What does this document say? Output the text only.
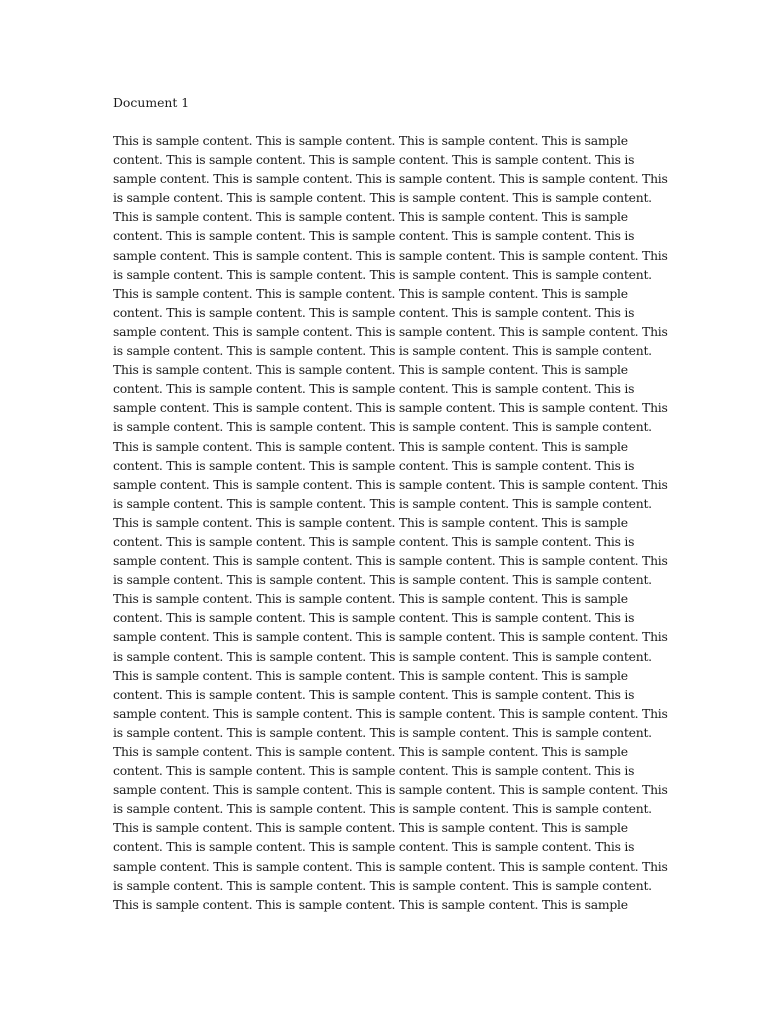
Document 1
This is sample content. This is sample content. This is sample content. This is sample
content. This is sample content. This is sample content. This is sample content. This is
sample content. This is sample content. This is sample content. This is sample content. This
is sample content. This is sample content. This is sample content. This is sample content.
This is sample content. This is sample content. This is sample content. This is sample
content. This is sample content. This is sample content. This is sample content. This is
sample content. This is sample content. This is sample content. This is sample content. This
is sample content. This is sample content. This is sample content. This is sample content.
This is sample content. This is sample content. This is sample content. This is sample
content. This is sample content. This is sample content. This is sample content. This is
sample content. This is sample content. This is sample content. This is sample content. This
is sample content. This is sample content. This is sample content. This is sample content.
This is sample content. This is sample content. This is sample content. This is sample
content. This is sample content. This is sample content. This is sample content. This is
sample content. This is sample content. This is sample content. This is sample content. This
is sample content. This is sample content. This is sample content. This is sample content.
This is sample content. This is sample content. This is sample content. This is sample
content. This is sample content. This is sample content. This is sample content. This is
sample content. This is sample content. This is sample content. This is sample content. This
is sample content. This is sample content. This is sample content. This is sample content.
This is sample content. This is sample content. This is sample content. This is sample
content. This is sample content. This is sample content. This is sample content. This is
sample content. This is sample content. This is sample content. This is sample content. This
is sample content. This is sample content. This is sample content. This is sample content.
This is sample content. This is sample content. This is sample content. This is sample
content. This is sample content. This is sample content. This is sample content. This is
sample content. This is sample content. This is sample content. This is sample content. This
is sample content. This is sample content. This is sample content. This is sample content.
This is sample content. This is sample content. This is sample content. This is sample
content. This is sample content. This is sample content. This is sample content. This is
sample content. This is sample content. This is sample content. This is sample content. This
is sample content. This is sample content. This is sample content. This is sample content.
This is sample content. This is sample content. This is sample content. This is sample
content. This is sample content. This is sample content. This is sample content. This is
sample content. This is sample content. This is sample content. This is sample content. This
is sample content. This is sample content. This is sample content. This is sample content.
This is sample content. This is sample content. This is sample content. This is sample
content. This is sample content. This is sample content. This is sample content. This is
sample content. This is sample content. This is sample content. This is sample content. This
is sample content. This is sample content. This is sample content. This is sample content.
This is sample content. This is sample content. This is sample content. This is sample
